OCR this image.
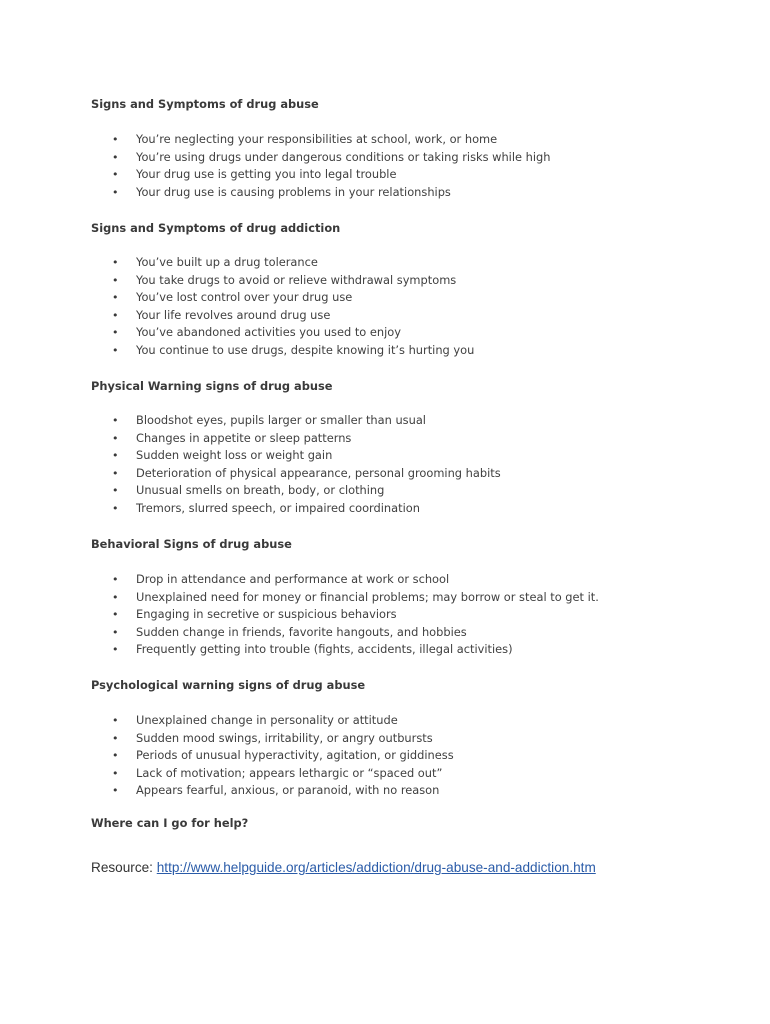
Signs and Symptoms of drug abuse
• You’re neglecting your responsibilities at school, work, or home
• You’re using drugs under dangerous conditions or taking risks while high
• Your drug use is getting you into legal trouble
• Your drug use is causing problems in your relationships
Signs and Symptoms of drug addiction
• You’ve built up a drug tolerance
• You take drugs to avoid or relieve withdrawal symptoms
• You’ve lost control over your drug use
• Your life revolves around drug use
• You’ve abandoned activities you used to enjoy
• You continue to use drugs, despite knowing it’s hurting you
Physical Warning signs of drug abuse
• Bloodshot eyes, pupils larger or smaller than usual
• Changes in appetite or sleep patterns
• Sudden weight loss or weight gain
• Deterioration of physical appearance, personal grooming habits
• Unusual smells on breath, body, or clothing
• Tremors, slurred speech, or impaired coordination
Behavioral Signs of drug abuse
• Drop in attendance and performance at work or school
• Unexplained need for money or financial problems; may borrow or steal to get it.
• Engaging in secretive or suspicious behaviors
• Sudden change in friends, favorite hangouts, and hobbies
• Frequently getting into trouble (fights, accidents, illegal activities)
Psychological warning signs of drug abuse
• Unexplained change in personality or attitude
• Sudden mood swings, irritability, or angry outbursts
• Periods of unusual hyperactivity, agitation, or giddiness
• Lack of motivation; appears lethargic or “spaced out”
• Appears fearful, anxious, or paranoid, with no reason
Where can I go for help?
Resource: http://www.helpguide.org/articles/addiction/drug-abuse-and-addiction.htm
